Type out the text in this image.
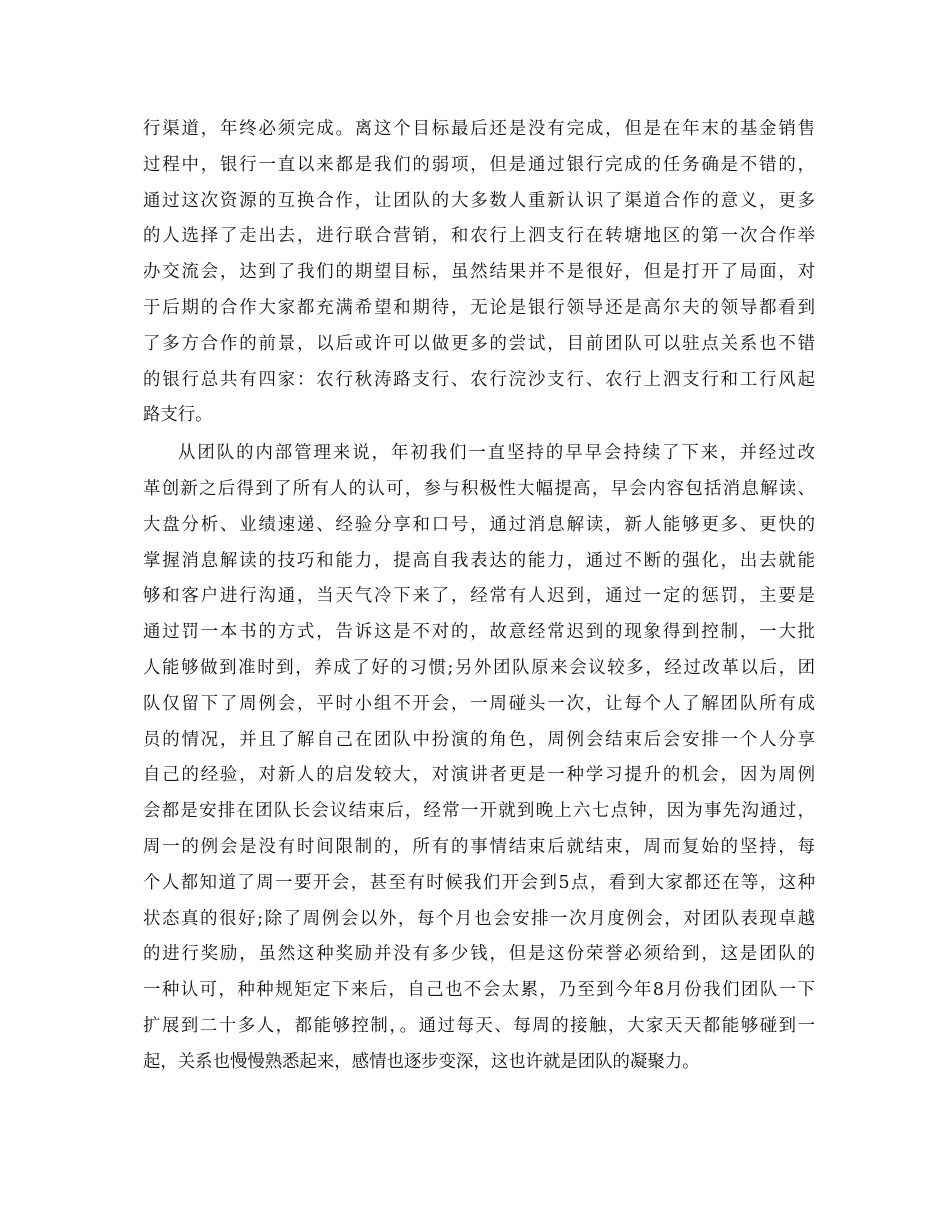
行渠道，年终必须完成。离这个目标最后还是没有完成，但是在年末的基金销售
过程中，银行一直以来都是我们的弱项，但是通过银行完成的任务确是不错的，
通过这次资源的互换合作，让团队的大多数人重新认识了渠道合作的意义，更多
的人选择了走出去，进行联合营销，和农行上泗支行在转塘地区的第一次合作举
办交流会，达到了我们的期望目标，虽然结果并不是很好，但是打开了局面，对
于后期的合作大家都充满希望和期待，无论是银行领导还是高尔夫的领导都看到
了多方合作的前景，以后或许可以做更多的尝试，目前团队可以驻点关系也不错
的银行总共有四家：农行秋涛路支行、农行浣沙支行、农行上泗支行和工行风起
路支行。
从团队的内部管理来说，年初我们一直坚持的早早会持续了下来，并经过改
革创新之后得到了所有人的认可，参与积极性大幅提高，早会内容包括消息解读、
大盘分析、业绩速递、经验分享和口号，通过消息解读，新人能够更多、更快的
掌握消息解读的技巧和能力，提高自我表达的能力，通过不断的强化，出去就能
够和客户进行沟通，当天气冷下来了，经常有人迟到，通过一定的惩罚，主要是
通过罚一本书的方式，告诉这是不对的，故意经常迟到的现象得到控制，一大批
人能够做到准时到，养成了好的习惯;另外团队原来会议较多，经过改革以后，团
队仅留下了周例会，平时小组不开会，一周碰头一次，让每个人了解团队所有成
员的情况，并且了解自己在团队中扮演的角色，周例会结束后会安排一个人分享
自己的经验，对新人的启发较大，对演讲者更是一种学习提升的机会，因为周例
会都是安排在团队长会议结束后，经常一开就到晚上六七点钟，因为事先沟通过，
周一的例会是没有时间限制的，所有的事情结束后就结束，周而复始的坚持，每
个人都知道了周一要开会，甚至有时候我们开会到5点，看到大家都还在等，这种
状态真的很好;除了周例会以外，每个月也会安排一次月度例会，对团队表现卓越
的进行奖励，虽然这种奖励并没有多少钱，但是这份荣誉必须给到，这是团队的
一种认可，种种规矩定下来后，自己也不会太累，乃至到今年8月份我们团队一下
扩展到二十多人，都能够控制，。通过每天、每周的接触，大家天天都能够碰到一
起，关系也慢慢熟悉起来，感情也逐步变深，这也许就是团队的凝聚力。
